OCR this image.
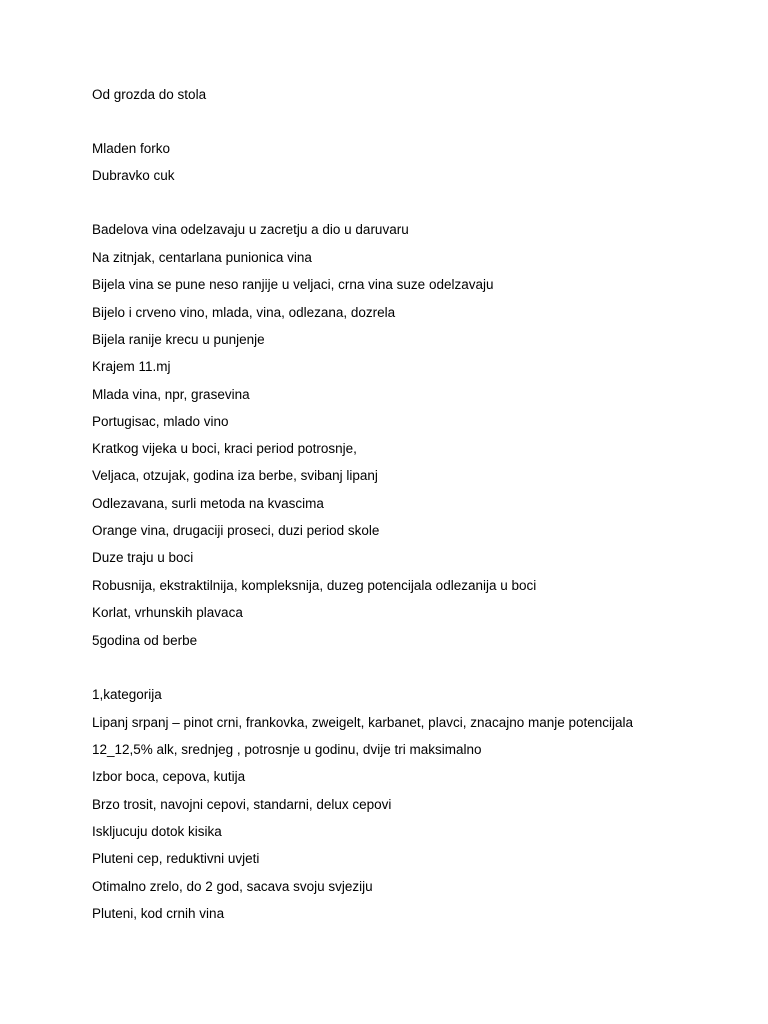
Od grozda do stola
Mladen forko
Dubravko cuk
Badelova vina odelzavaju u zacretju a dio u daruvaru
Na zitnjak, centarlana punionica vina
Bijela vina se pune neso ranjije u veljaci, crna vina suze odelzavaju
Bijelo i crveno vino, mlada, vina, odlezana, dozrela
Bijela ranije krecu u punjenje
Krajem 11.mj
Mlada vina, npr, grasevina
Portugisac, mlado vino
Kratkog vijeka u boci, kraci period potrosnje,
Veljaca, otzujak, godina iza berbe, svibanj lipanj
Odlezavana, surli metoda na kvascima
Orange vina, drugaciji proseci, duzi period skole
Duze traju u boci
Robusnija, ekstraktilnija, kompleksnija, duzeg potencijala odlezanija u boci
Korlat, vrhunskih plavaca
5godina od berbe
1,kategorija
Lipanj srpanj – pinot crni, frankovka, zweigelt, karbanet, plavci, znacajno manje potencijala
12_12,5% alk, srednjeg , potrosnje u godinu, dvije tri maksimalno
Izbor boca, cepova, kutija
Brzo trosit, navojni cepovi, standarni, delux cepovi
Iskljucuju dotok kisika
Pluteni cep, reduktivni uvjeti
Otimalno zrelo, do 2 god, sacava svoju svjeziju
Pluteni, kod crnih vina
